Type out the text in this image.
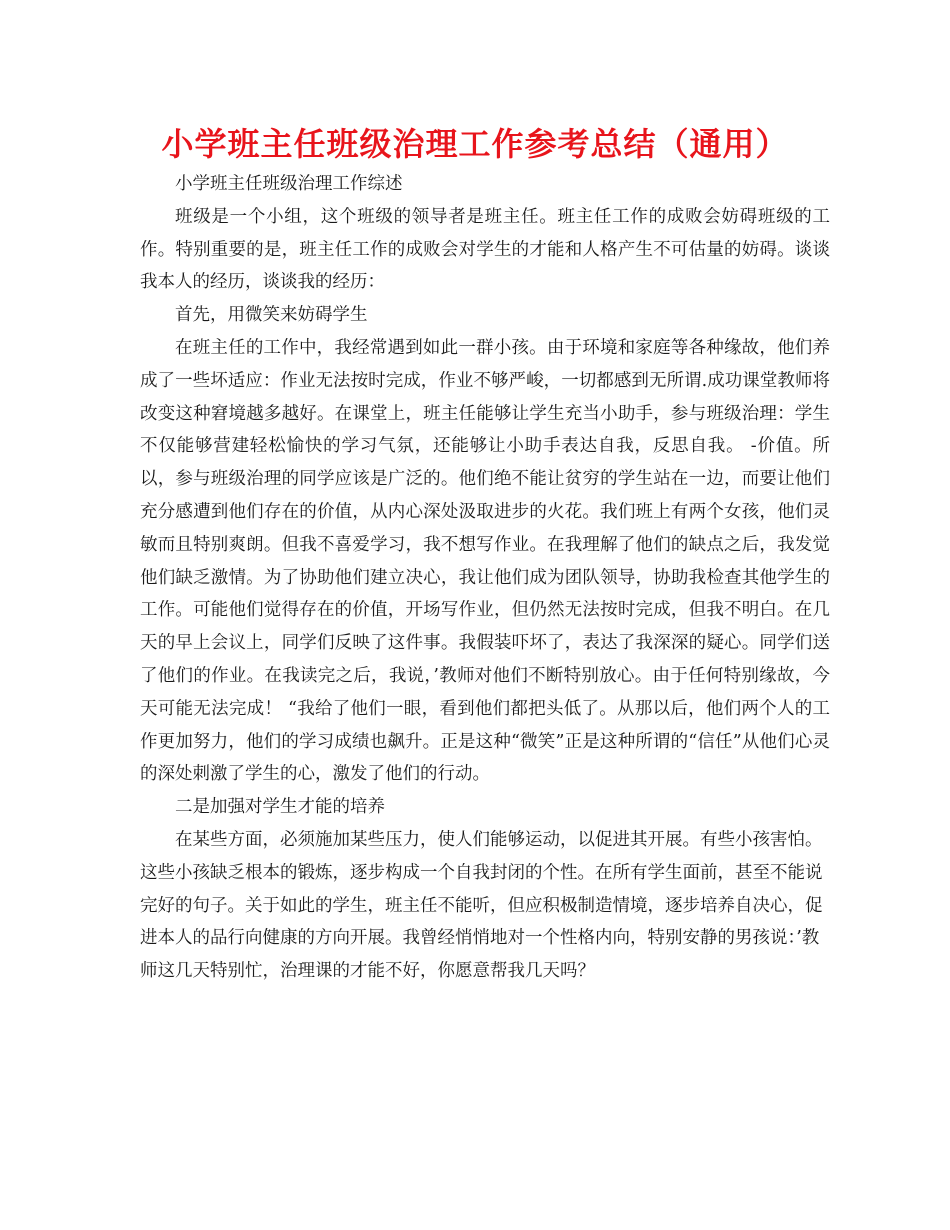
小学班主任班级治理工作参考总结（通用）

小学班主任班级治理工作综述

班级是一个小组，这个班级的领导者是班主任。班主任工作的成败会妨碍班级的工作。特别重要的是，班主任工作的成败会对学生的才能和人格产生不可估量的妨碍。谈谈我本人的经历，谈谈我的经历：

首先，用微笑来妨碍学生

在班主任的工作中，我经常遇到如此一群小孩。由于环境和家庭等各种缘故，他们养成了一些坏适应：作业无法按时完成，作业不够严峻，一切都感到无所谓.成功课堂教师将改变这种窘境越多越好。在课堂上，班主任能够让学生充当小助手，参与班级治理：学生不仅能够营建轻松愉快的学习气氛，还能够让小助手表达自我，反思自我。 -价值。所以，参与班级治理的同学应该是广泛的。他们绝不能让贫穷的学生站在一边，而要让他们充分感遭到他们存在的价值，从内心深处汲取进步的火花。我们班上有两个女孩，他们灵敏而且特别爽朗。但我不喜爱学习，我不想写作业。在我理解了他们的缺点之后，我发觉他们缺乏激情。为了协助他们建立决心，我让他们成为团队领导，协助我检查其他学生的工作。可能他们觉得存在的价值，开场写作业，但仍然无法按时完成，但我不明白。在几天的早上会议上，同学们反映了这件事。我假装吓坏了，表达了我深深的疑心。同学们送了他们的作业。在我读完之后，我说，’教师对他们不断特别放心。由于任何特别缘故，今天可能无法完成！ “我给了他们一眼，看到他们都把头低了。从那以后，他们两个人的工作更加努力，他们的学习成绩也飙升。正是这种“微笑”正是这种所谓的“信任”从他们心灵的深处刺激了学生的心，激发了他们的行动。

二是加强对学生才能的培养

在某些方面，必须施加某些压力，使人们能够运动，以促进其开展。有些小孩害怕。这些小孩缺乏根本的锻炼，逐步构成一个自我封闭的个性。在所有学生面前，甚至不能说完好的句子。关于如此的学生，班主任不能听，但应积极制造情境，逐步培养自决心，促进本人的品行向健康的方向开展。我曾经悄悄地对一个性格内向，特别安静的男孩说：’教师这几天特别忙，治理课的才能不好，你愿意帮我几天吗？
